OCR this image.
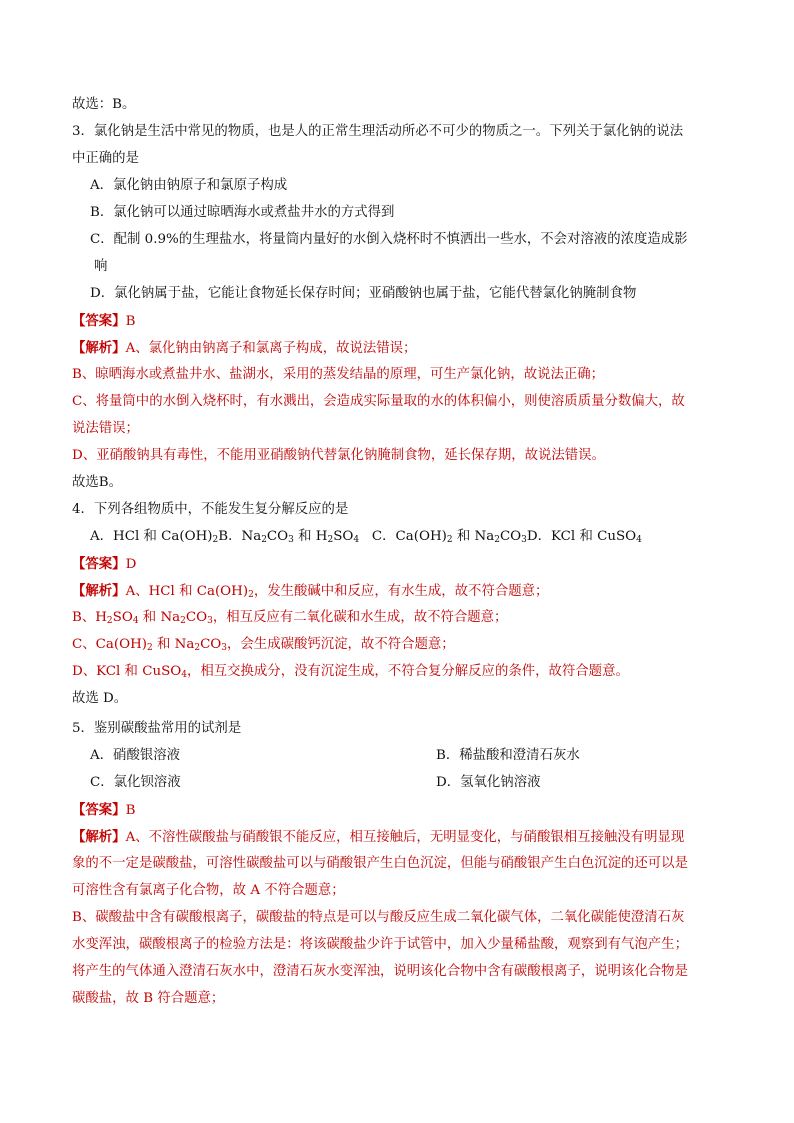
故选：B。
3．氯化钠是生活中常见的物质，也是人的正常生理活动所必不可少的物质之一。下列关于氯化钠的说法
中正确的是
A．氯化钠由钠原子和氯原子构成
B．氯化钠可以通过晾晒海水或煮盐井水的方式得到
C．配制 0.9%的生理盐水，将量筒内量好的水倒入烧杯时不慎洒出一些水，不会对溶液的浓度造成影
响
D．氯化钠属于盐，它能让食物延长保存时间；亚硝酸钠也属于盐，它能代替氯化钠腌制食物
【答案】B
【解析】A、氯化钠由钠离子和氯离子构成，故说法错误；
B、晾晒海水或煮盐井水、盐湖水，采用的蒸发结晶的原理，可生产氯化钠，故说法正确；
C、将量筒中的水倒入烧杯时，有水溅出，会造成实际量取的水的体积偏小，则使溶质质量分数偏大，故
说法错误；
D、亚硝酸钠具有毒性，不能用亚硝酸钠代替氯化钠腌制食物，延长保存期，故说法错误。
故选B。
4．下列各组物质中，不能发生复分解反应的是
A．HCl 和 $Ca(OH)_2B$．$Na_2CO_3$ 和 $H_2SO_4$   C．$Ca(OH)_2$ 和 $Na_2CO_3D$．KCl 和 CuSO$_4$
【答案】D
【解析】A、HCl 和 $Ca(OH)_2$，发生酸碱中和反应，有水生成，故不符合题意；
B、$H_2SO_4$ 和 $Na_2CO_3$，相互反应有二氧化碳和水生成，故不符合题意；
C、$Ca(OH)_2$ 和 $Na_2CO_3$，会生成碳酸钙沉淀，故不符合题意；
D、KCl 和 CuSO$_4$，相互交换成分，没有沉淀生成，不符合复分解反应的条件，故符合题意。
故选 D。
5．鉴别碳酸盐常用的试剂是
A．硝酸银溶液	B．稀盐酸和澄清石灰水
C．氯化钡溶液	D．氢氧化钠溶液
【答案】B
【解析】A、不溶性碳酸盐与硝酸银不能反应，相互接触后，无明显变化，与硝酸银相互接触没有明显现
象的不一定是碳酸盐，可溶性碳酸盐可以与硝酸银产生白色沉淀，但能与硝酸银产生白色沉淀的还可以是
可溶性含有氯离子化合物，故 A 不符合题意；
B、碳酸盐中含有碳酸根离子，碳酸盐的特点是可以与酸反应生成二氧化碳气体，二氧化碳能使澄清石灰
水变浑浊，碳酸根离子的检验方法是：将该碳酸盐少许于试管中，加入少量稀盐酸，观察到有气泡产生；
将产生的气体通入澄清石灰水中，澄清石灰水变浑浊，说明该化合物中含有碳酸根离子，说明该化合物是
碳酸盐，故 B 符合题意；
